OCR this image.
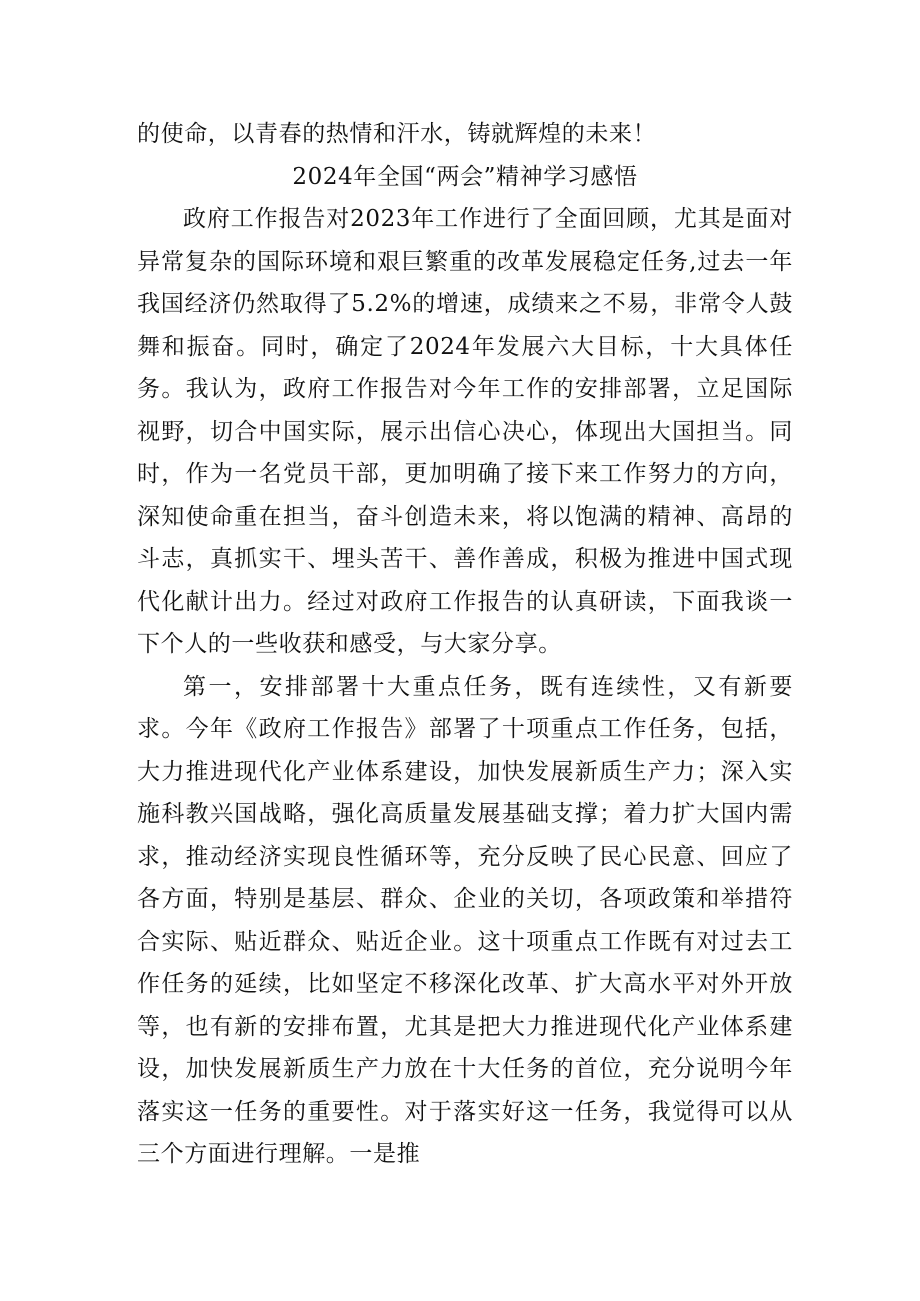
的使命，以青春的热情和汗水，铸就辉煌的未来！

2024年全国“两会”精神学习感悟

政府工作报告对2023年工作进行了全面回顾，尤其是面对异常复杂的国际环境和艰巨繁重的改革发展稳定任务,过去一年我国经济仍然取得了5.2%的增速，成绩来之不易，非常令人鼓舞和振奋。同时，确定了2024年发展六大目标，十大具体任务。我认为，政府工作报告对今年工作的安排部署，立足国际视野，切合中国实际，展示出信心决心，体现出大国担当。同时，作为一名党员干部，更加明确了接下来工作努力的方向，深知使命重在担当，奋斗创造未来，将以饱满的精神、高昂的斗志，真抓实干、埋头苦干、善作善成，积极为推进中国式现代化献计出力。经过对政府工作报告的认真研读，下面我谈一下个人的一些收获和感受，与大家分享。

第一，安排部署十大重点任务，既有连续性，又有新要求。今年《政府工作报告》部署了十项重点工作任务，包括，大力推进现代化产业体系建设，加快发展新质生产力；深入实施科教兴国战略，强化高质量发展基础支撑；着力扩大国内需求，推动经济实现良性循环等，充分反映了民心民意、回应了各方面，特别是基层、群众、企业的关切，各项政策和举措符合实际、贴近群众、贴近企业。这十项重点工作既有对过去工作任务的延续，比如坚定不移深化改革、扩大高水平对外开放等，也有新的安排布置，尤其是把大力推进现代化产业体系建设，加快发展新质生产力放在十大任务的首位，充分说明今年落实这一任务的重要性。对于落实好这一任务，我觉得可以从三个方面进行理解。一是推
